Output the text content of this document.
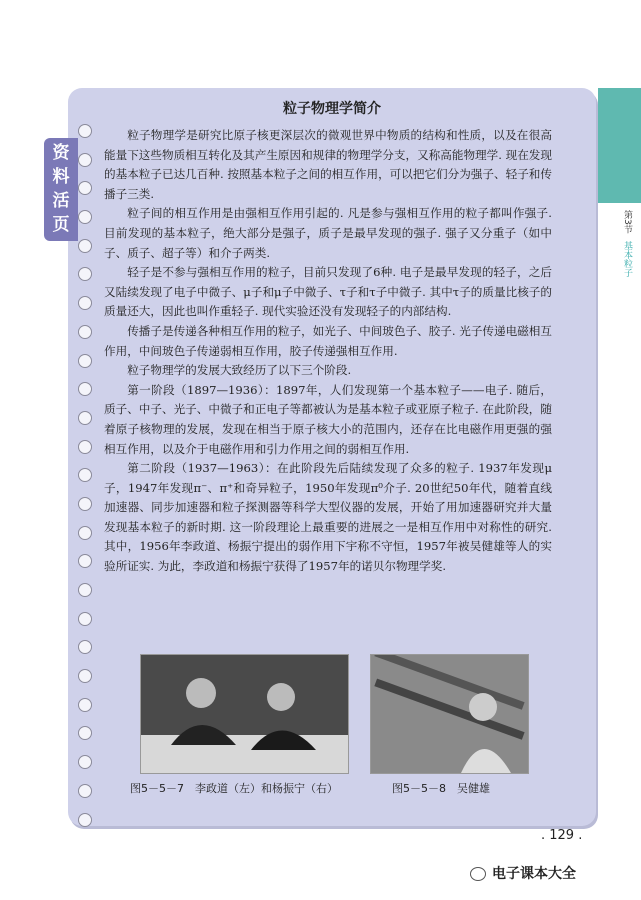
第3节 基本粒子
资
料
活
页
粒子物理学简介

粒子物理学是研究比原子核更深层次的微观世界中物质的结构和性质，以及在很高能量下这些物质相互转化及其产生原因和规律的物理学分支，又称高能物理学. 现在发现的基本粒子已达几百种. 按照基本粒子之间的相互作用，可以把它们分为强子、轻子和传播子三类.

粒子间的相互作用是由强相互作用引起的. 凡是参与强相互作用的粒子都叫作强子. 目前发现的基本粒子，绝大部分是强子，质子是最早发现的强子. 强子又分重子（如中子、质子、超子等）和介子两类.

轻子是不参与强相互作用的粒子，目前只发现了6种. 电子是最早发现的轻子，之后又陆续发现了电子中微子、μ子和μ子中微子、τ子和τ子中微子. 其中τ子的质量比核子的质量还大，因此也叫作重轻子. 现代实验还没有发现轻子的内部结构.

传播子是传递各种相互作用的粒子，如光子、中间玻色子、胶子. 光子传递电磁相互作用，中间玻色子传递弱相互作用，胶子传递强相互作用.

粒子物理学的发展大致经历了以下三个阶段.

第一阶段（1897—1936）：1897年，人们发现第一个基本粒子——电子. 随后，质子、中子、光子、中微子和正电子等都被认为是基本粒子或亚原子粒子. 在此阶段，随着原子核物理的发展，发现在相当于原子核大小的范围内，还存在比电磁作用更强的强相互作用，以及介于电磁作用和引力作用之间的弱相互作用.

第二阶段（1937—1963）：在此阶段先后陆续发现了众多的粒子. 1937年发现μ子，1947年发现π⁻、π⁺和奇异粒子，1950年发现π⁰介子. 20世纪50年代，随着直线加速器、同步加速器和粒子探测器等科学大型仪器的发展，开始了用加速器研究并大量发现基本粒子的新时期. 这一阶段理论上最重要的进展之一是相互作用中对称性的研究. 其中，1956年李政道、杨振宁提出的弱作用下宇称不守恒，1957年被吴健雄等人的实验所证实. 为此，李政道和杨振宁获得了1957年的诺贝尔物理学奖.

图5－5－7　李政道（左）和杨振宁（右）	图5－5－8　吴健雄
. 129 .
电子课本大全
